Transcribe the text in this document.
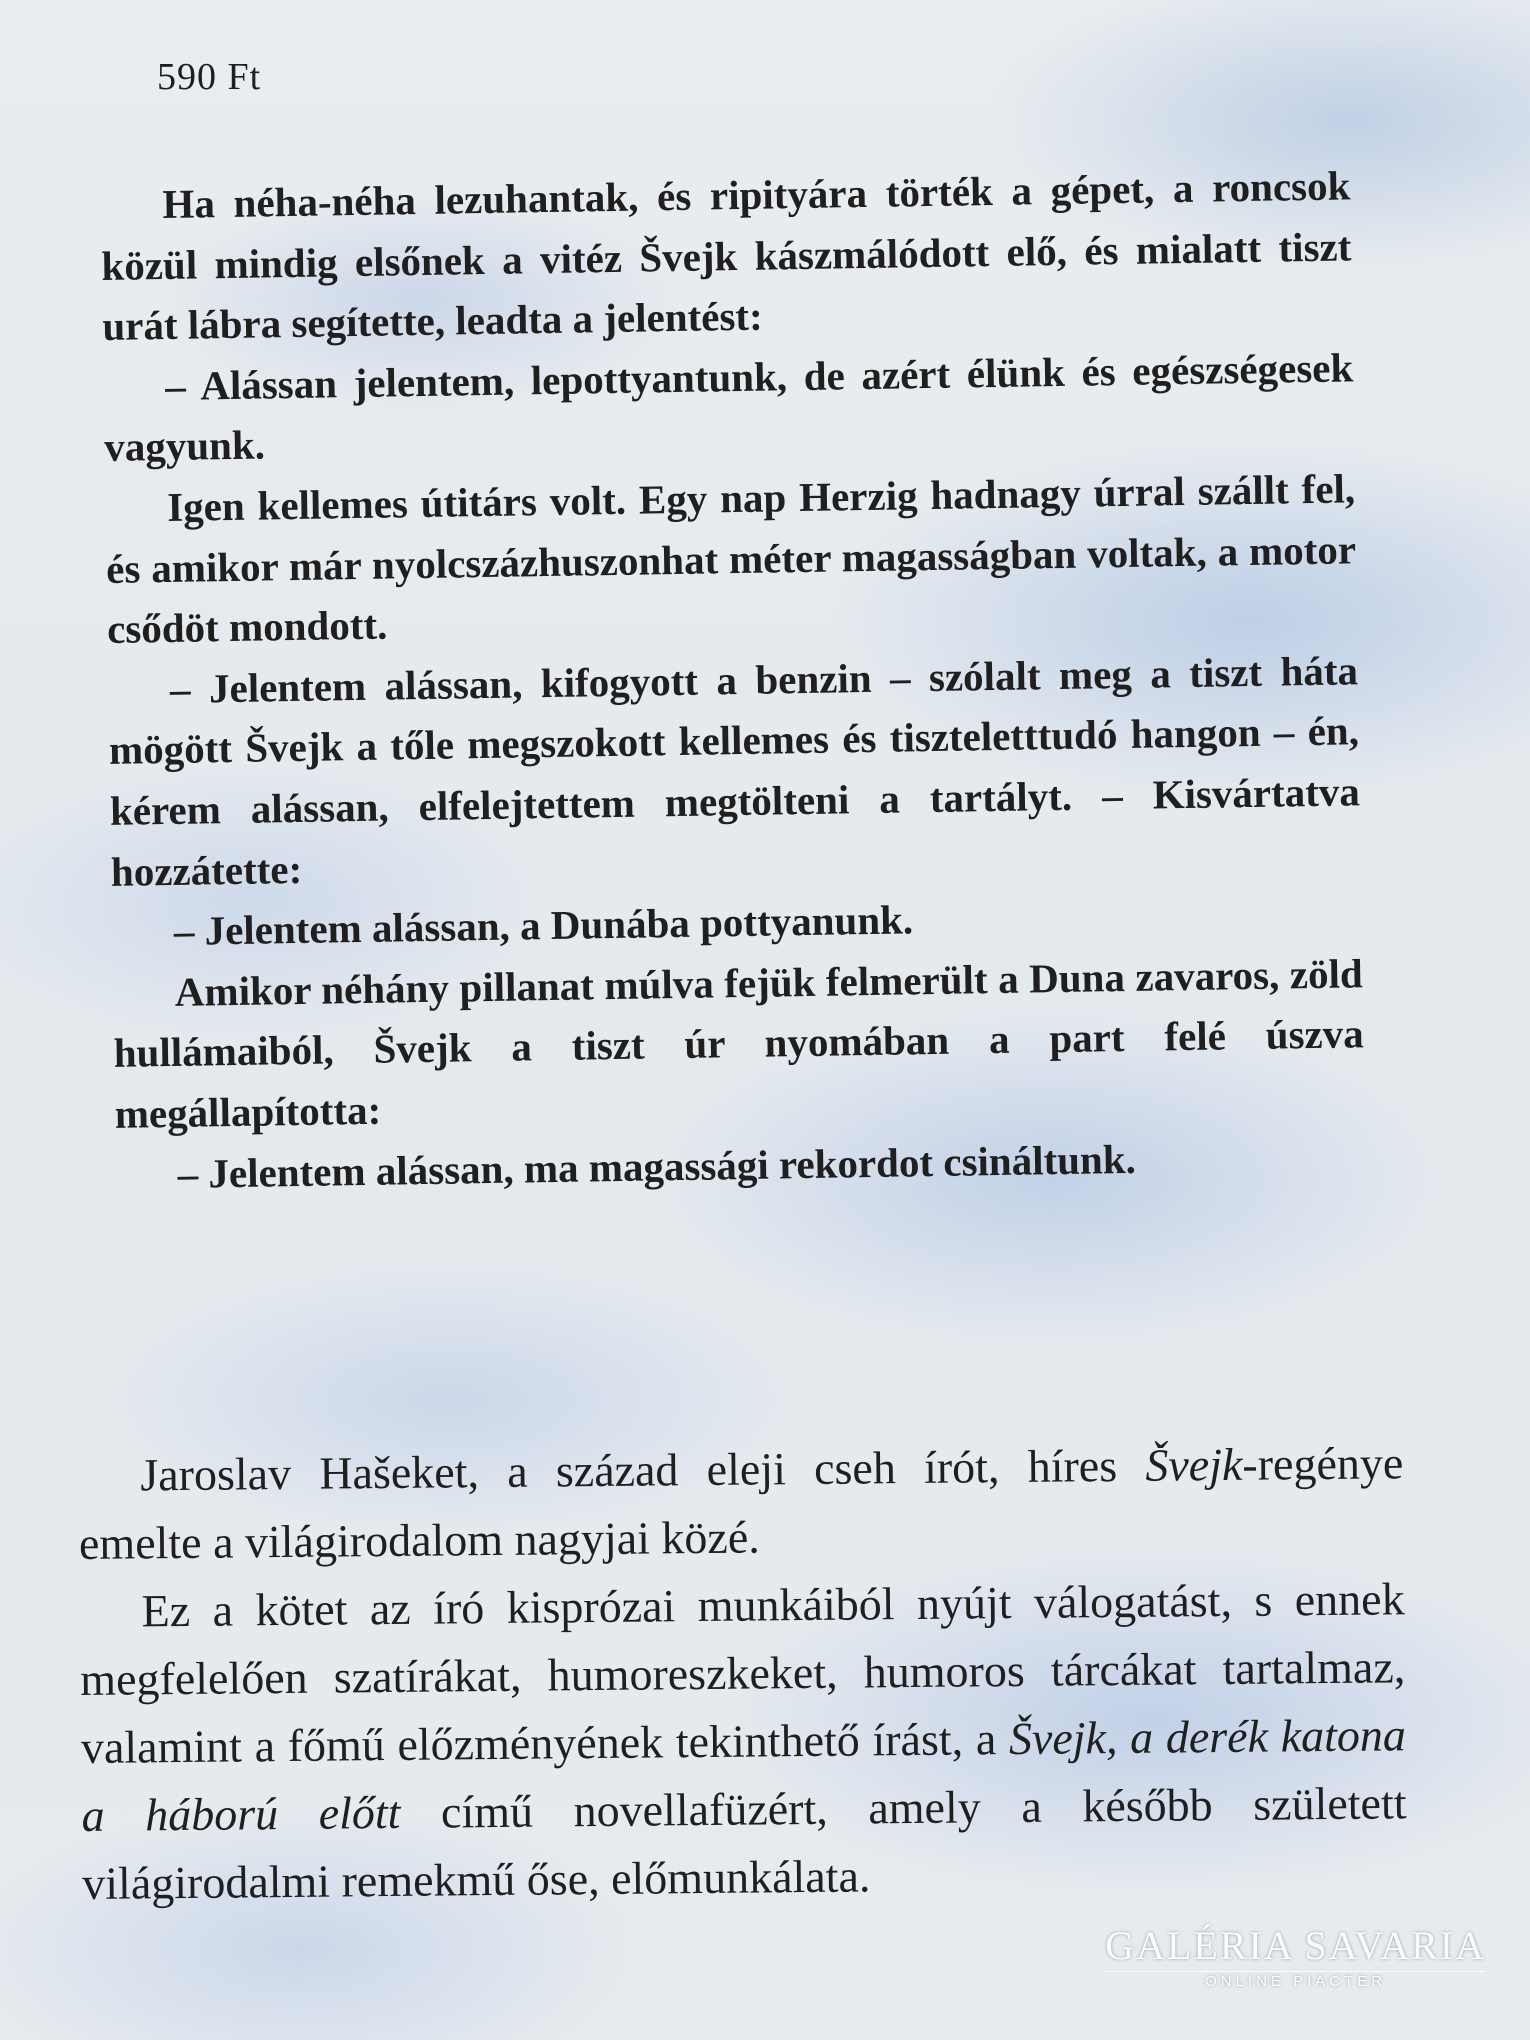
590 Ft

Ha néha-néha lezuhantak, és ripityára törték a gépet, a roncsok közül mindig elsőnek a vitéz Švejk kászmálódott elő, és mialatt tiszt urát lábra segítette, leadta a jelentést:

– Alássan jelentem, lepottyantunk, de azért élünk és egészségesek vagyunk.

Igen kellemes útitárs volt. Egy nap Herzig hadnagy úrral szállt fel, és amikor már nyolcszázhuszonhat méter magasságban voltak, a motor csődöt mondott.

– Jelentem alássan, kifogyott a benzin – szólalt meg a tiszt háta mögött Švejk a tőle megszokott kellemes és tiszteletttudó hangon – én, kérem alássan, elfelejtettem megtölteni a tartályt. – Kisvártatva hozzátette:

– Jelentem alássan, a Dunába pottyanunk.

Amikor néhány pillanat múlva fejük felmerült a Duna zavaros, zöld hullámaiból, Švejk a tiszt úr nyomában a part felé úszva megállapította:

– Jelentem alássan, ma magassági rekordot csináltunk.

Jaroslav Hašeket, a század eleji cseh írót, híres Švejk-regénye emelte a világirodalom nagyjai közé.

Ez a kötet az író kisprózai munkáiból nyújt válogatást, s ennek megfelelően szatírákat, humoreszkeket, humoros tárcákat tartalmaz, valamint a főmű előzményének tekinthető írást, a Švejk, a derék katona a háború előtt című novellafüzért, amely a később született világirodalmi remekmű őse, előmunkálata.

GALÉRIA SAVARIA
ONLINE PIACTÉR
